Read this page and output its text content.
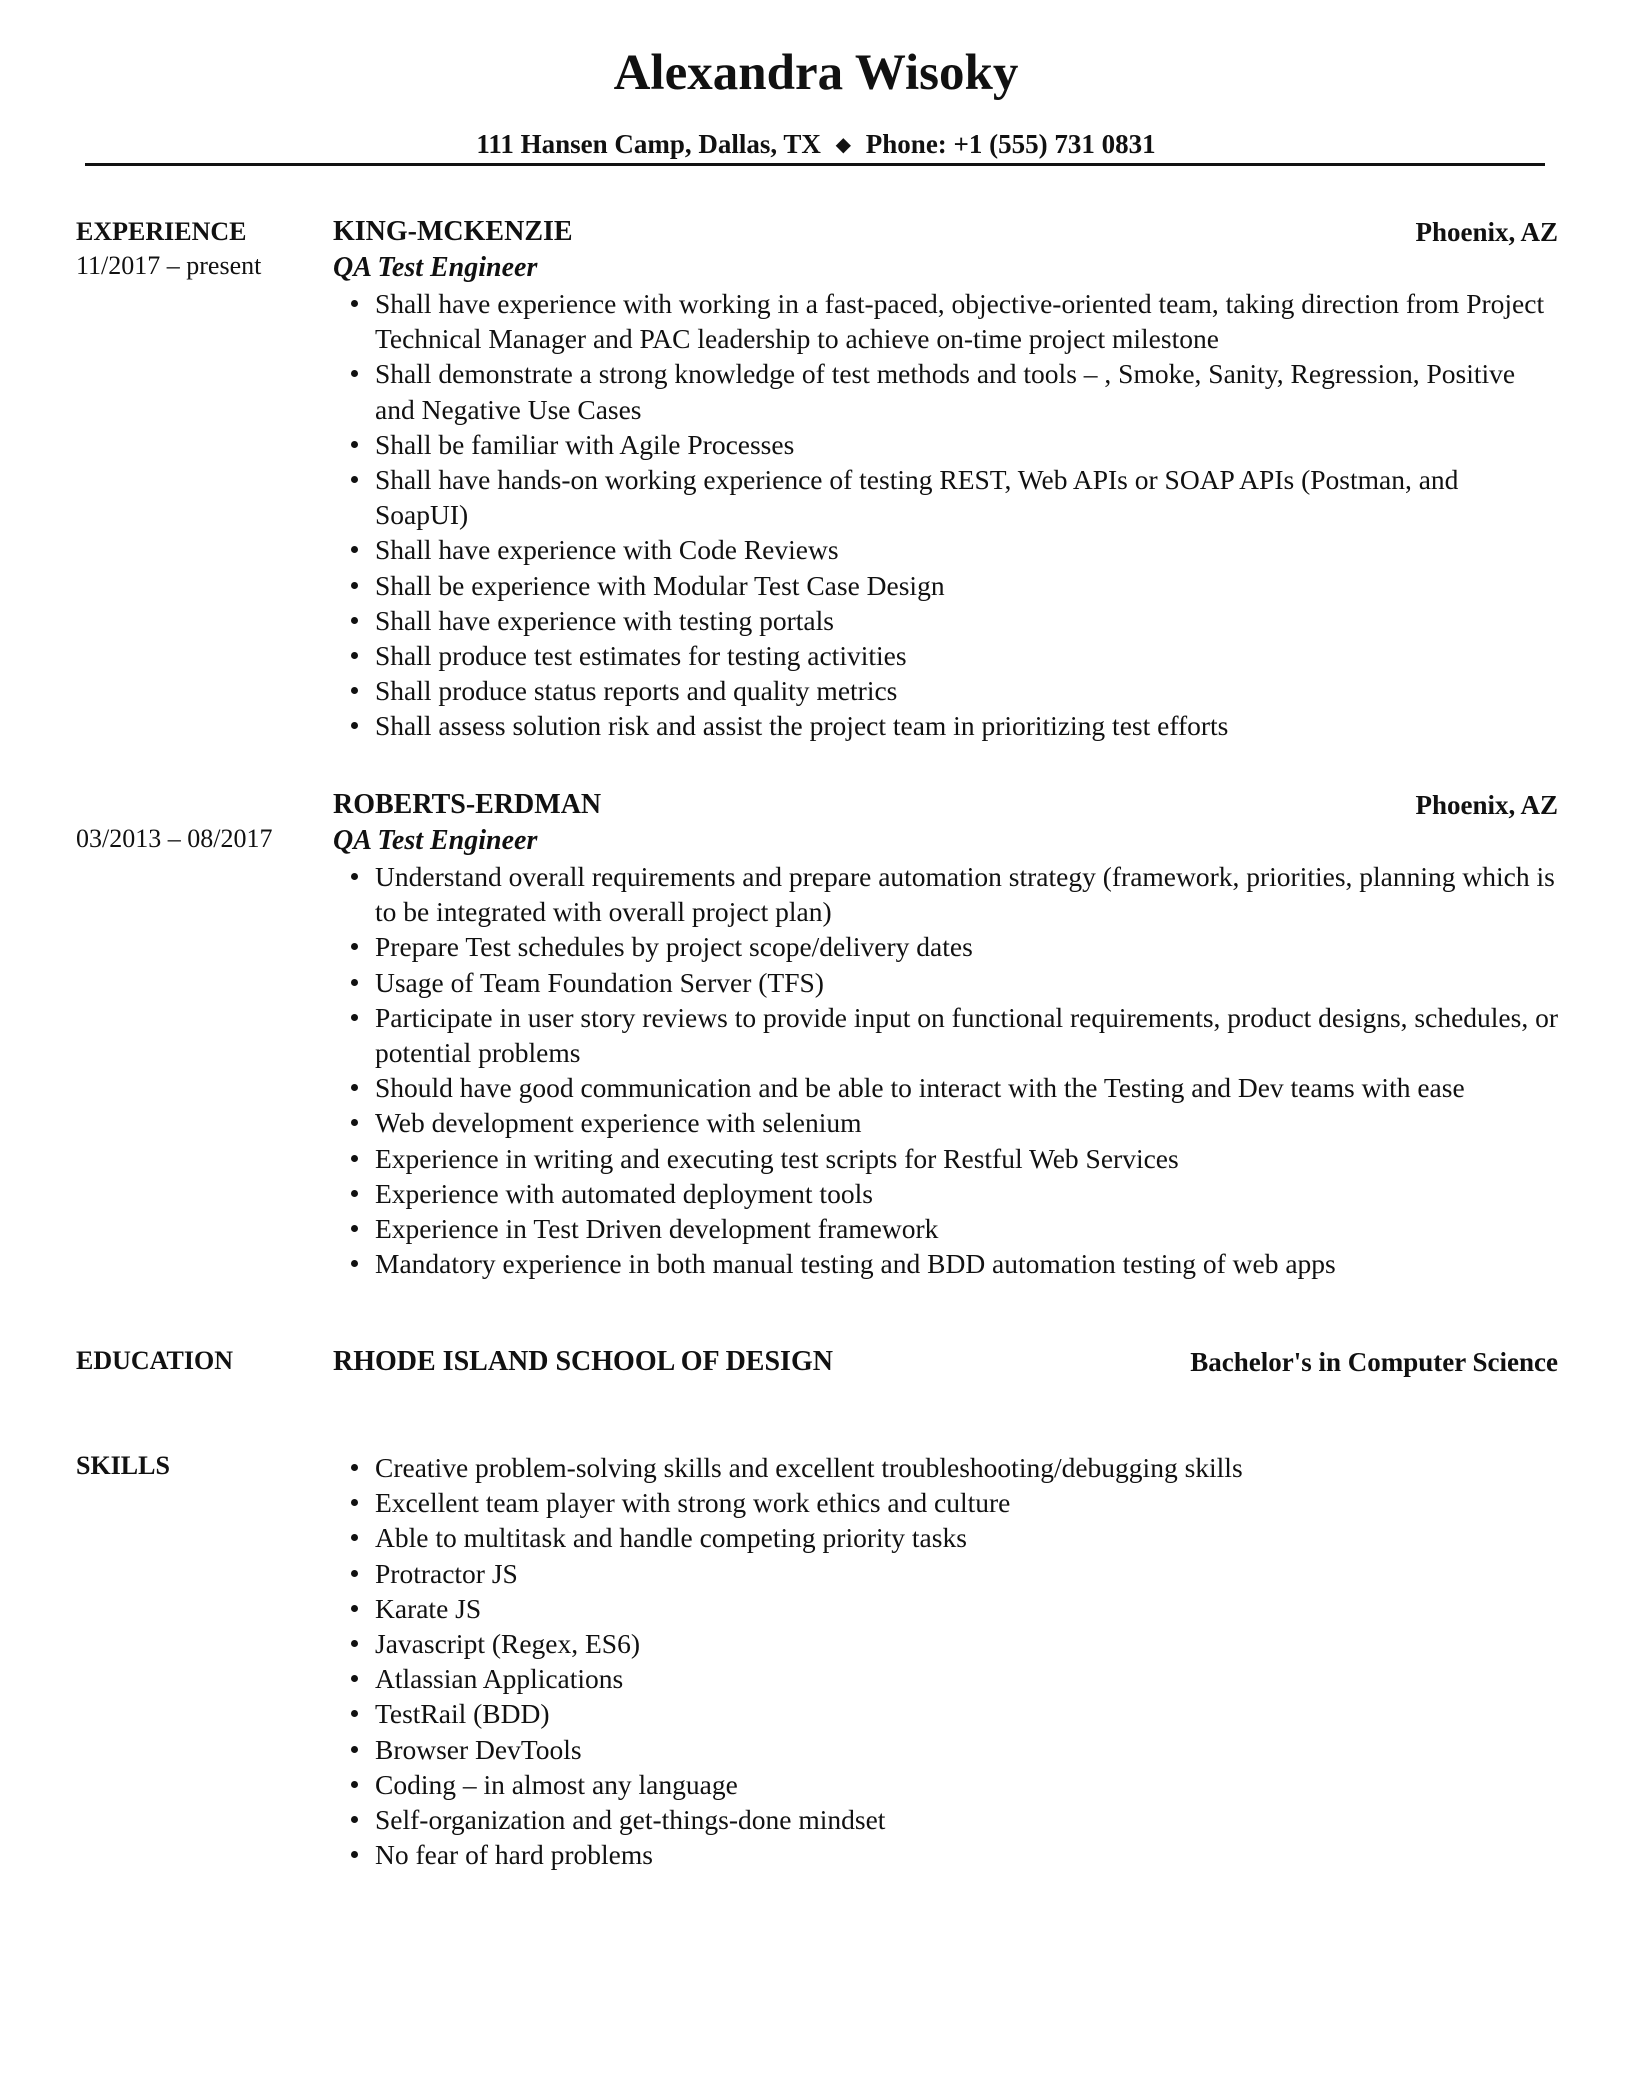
Alexandra Wisoky
111 Hansen Camp, Dallas, TX ◆ Phone: +1 (555) 731 0831
EXPERIENCE
11/2017 – present
KING-MCKENZIE	Phoenix, AZ
QA Test Engineer
Shall have experience with working in a fast-paced, objective-oriented team, taking direction from Project Technical Manager and PAC leadership to achieve on-time project milestone
Shall demonstrate a strong knowledge of test methods and tools – , Smoke, Sanity, Regression, Positive and Negative Use Cases
Shall be familiar with Agile Processes
Shall have hands-on working experience of testing REST, Web APIs or SOAP APIs (Postman, and SoapUI)
Shall have experience with Code Reviews
Shall be experience with Modular Test Case Design
Shall have experience with testing portals
Shall produce test estimates for testing activities
Shall produce status reports and quality metrics
Shall assess solution risk and assist the project team in prioritizing test efforts
03/2013 – 08/2017
ROBERTS-ERDMAN	Phoenix, AZ
QA Test Engineer
Understand overall requirements and prepare automation strategy (framework, priorities, planning which is to be integrated with overall project plan)
Prepare Test schedules by project scope/delivery dates
Usage of Team Foundation Server (TFS)
Participate in user story reviews to provide input on functional requirements, product designs, schedules, or potential problems
Should have good communication and be able to interact with the Testing and Dev teams with ease
Web development experience with selenium
Experience in writing and executing test scripts for Restful Web Services
Experience with automated deployment tools
Experience in Test Driven development framework
Mandatory experience in both manual testing and BDD automation testing of web apps
EDUCATION	RHODE ISLAND SCHOOL OF DESIGN	Bachelor's in Computer Science
SKILLS	Creative problem-solving skills and excellent troubleshooting/debugging skills
Excellent team player with strong work ethics and culture
Able to multitask and handle competing priority tasks
Protractor JS
Karate JS
Javascript (Regex, ES6)
Atlassian Applications
TestRail (BDD)
Browser DevTools
Coding – in almost any language
Self-organization and get-things-done mindset
No fear of hard problems
